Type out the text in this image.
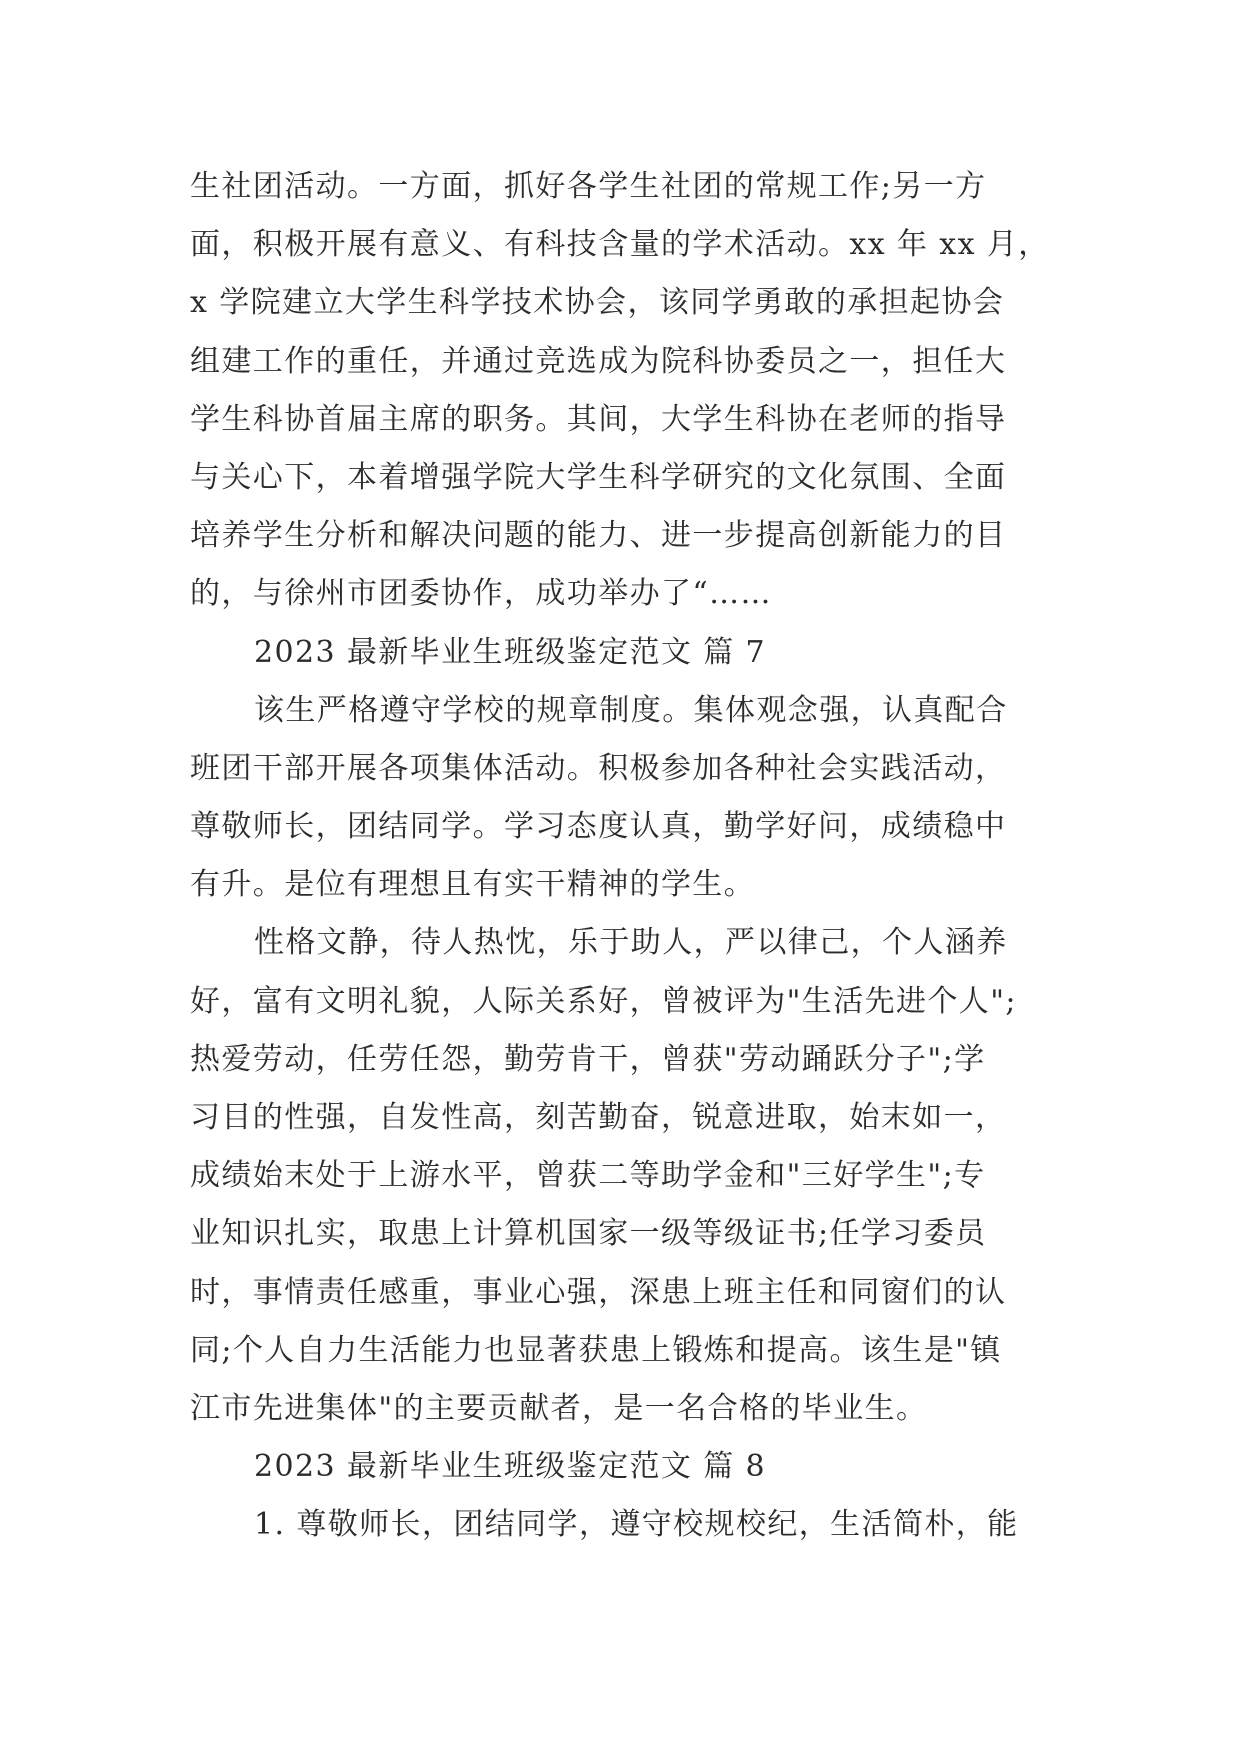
生社团活动。一方面，抓好各学生社团的常规工作;另一方
面，积极开展有意义、有科技含量的学术活动。xx 年 xx 月，
x 学院建立大学生科学技术协会，该同学勇敢的承担起协会
组建工作的重任，并通过竞选成为院科协委员之一，担任大
学生科协首届主席的职务。其间，大学生科协在老师的指导
与关心下，本着增强学院大学生科学研究的文化氛围、全面
培养学生分析和解决问题的能力、进一步提高创新能力的目
的，与徐州市团委协作，成功举办了“……
2023 最新毕业生班级鉴定范文 篇 7
该生严格遵守学校的规章制度。集体观念强，认真配合
班团干部开展各项集体活动。积极参加各种社会实践活动，
尊敬师长，团结同学。学习态度认真，勤学好问，成绩稳中
有升。是位有理想且有实干精神的学生。
性格文静，待人热忱，乐于助人，严以律己，个人涵养
好，富有文明礼貌，人际关系好，曾被评为"生活先进个人";
热爱劳动，任劳任怨，勤劳肯干，曾获"劳动踊跃分子";学
习目的性强，自发性高，刻苦勤奋，锐意进取，始末如一，
成绩始末处于上游水平，曾获二等助学金和"三好学生";专
业知识扎实，取患上计算机国家一级等级证书;任学习委员
时，事情责任感重，事业心强，深患上班主任和同窗们的认
同;个人自力生活能力也显著获患上锻炼和提高。该生是"镇
江市先进集体"的主要贡献者，是一名合格的毕业生。
2023 最新毕业生班级鉴定范文 篇 8
1. 尊敬师长，团结同学，遵守校规校纪，生活简朴，能
